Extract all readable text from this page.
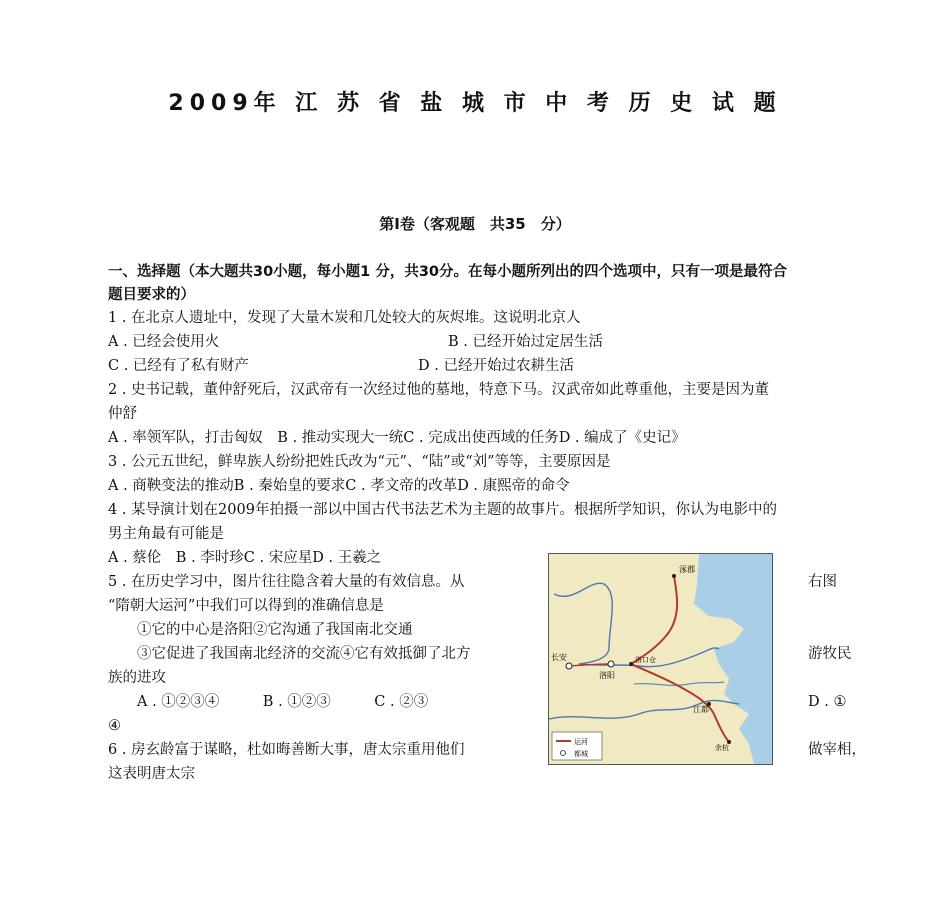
2009年 江 苏 省 盐 城 市 中 考 历 史 试 题
第Ⅰ卷（客观题　共35　分）
一、选择题（本大题共30小题，每小题1 分，共30分。在每小题所列出的四个选项中，只有一项是最符合
题目要求的）
1 . 在北京人遗址中，发现了大量木炭和几处较大的灰烬堆。这说明北京人
A . 已经会使用火	B . 已经开始过定居生活
C . 已经有了私有财产	D . 已经开始过农耕生活
2 . 史书记载，董仲舒死后，汉武帝有一次经过他的墓地，特意下马。汉武帝如此尊重他，主要是因为董
仲舒
A . 率领军队，打击匈奴　B . 推动实现大一统C . 完成出使西域的任务D . 编成了《史记》
3 . 公元五世纪，鲜卑族人纷纷把姓氏改为“元”、“陆”或“刘”等等，主要原因是
A . 商鞅变法的推动B . 秦始皇的要求C . 孝文帝的改革D . 康熙帝的命令
4 . 某导演计划在2009年拍摄一部以中国古代书法艺术为主题的故事片。根据所学知识，你认为电影中的
男主角最有可能是
A . 蔡伦　B . 李时珍C . 宋应星D . 王羲之
5 . 在历史学习中，图片往往隐含着大量的有效信息。从	右图
“隋朝大运河”中我们可以得到的准确信息是
　　①它的中心是洛阳②它沟通了我国南北交通
　　③它促进了我国南北经济的交流④它有效抵御了北方	游牧民
族的进攻
　　A . ①②③④　　　B . ①②③　　　C . ②③	D . ①
④
6 . 房玄龄富于谋略，杜如晦善断大事，唐太宗重用他们	做宰相，
这表明唐太宗
涿郡
长安
洛阳
洛口仓
江都
余杭
运河
都城
